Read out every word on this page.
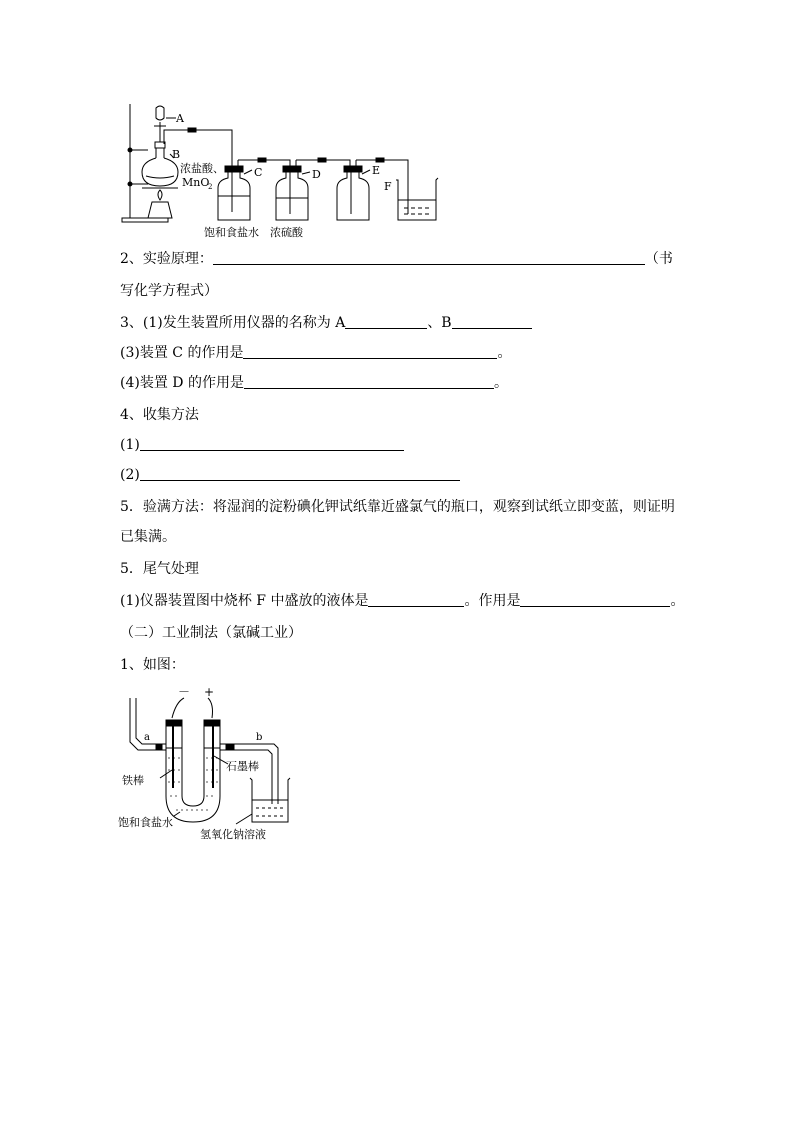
A
B
浓盐酸、
MnO
2
C	D	E
F
饱和食盐水 浓硫酸
2、实验原理：	（书
写化学方程式）
3、(1)发生装置所用仪器的名称为 A	、B
(3)装置 C 的作用是	。
(4)装置 D 的作用是	。
4、收集方法
(1)
(2)
5．验满方法：将湿润的淀粉碘化钾试纸靠近盛氯气的瓶口，观察到试纸立即变蓝，则证明
已集满。
5．尾气处理
(1)仪器装置图中烧杯 F 中盛放的液体是	。作用是	。
（二）工业制法（氯碱工业）
1、如图：
－ +
a	b
铁棒
石墨棒
饱和食盐水
氢氧化钠溶液
